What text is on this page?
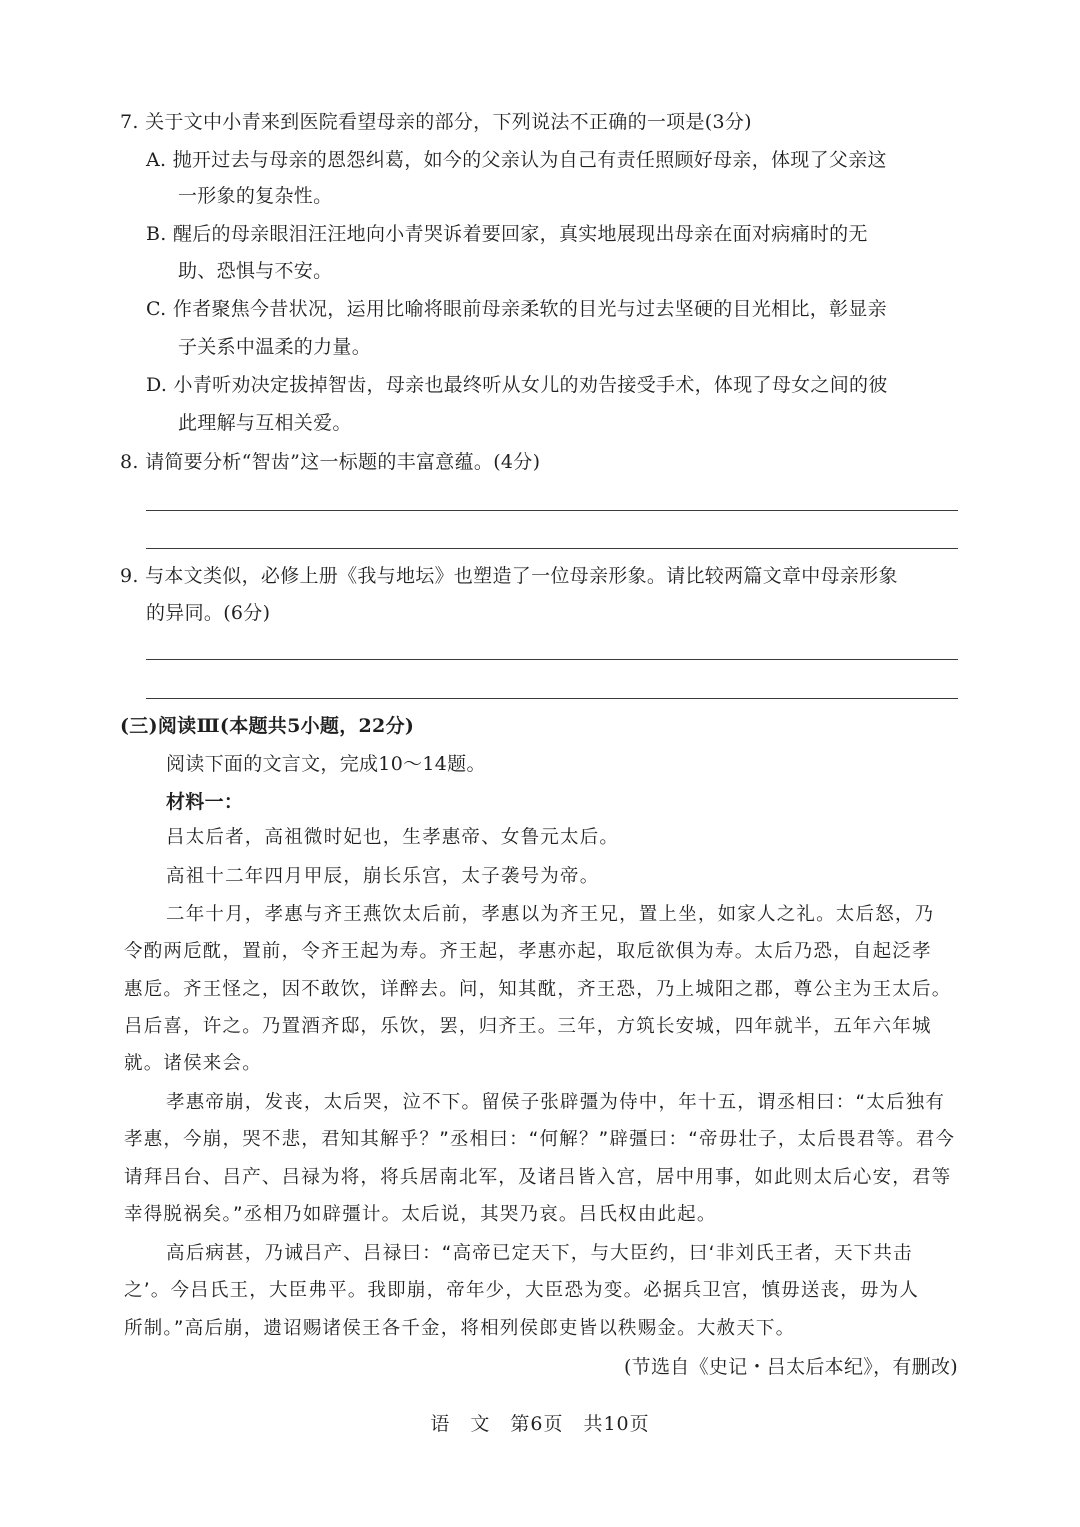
7. 关于文中小青来到医院看望母亲的部分，下列说法不正确的一项是(3分)
A. 抛开过去与母亲的恩怨纠葛，如今的父亲认为自己有责任照顾好母亲，体现了父亲这
一形象的复杂性。
B. 醒后的母亲眼泪汪汪地向小青哭诉着要回家，真实地展现出母亲在面对病痛时的无
助、恐惧与不安。
C. 作者聚焦今昔状况，运用比喻将眼前母亲柔软的目光与过去坚硬的目光相比，彰显亲
子关系中温柔的力量。
D. 小青听劝决定拔掉智齿，母亲也最终听从女儿的劝告接受手术，体现了母女之间的彼
此理解与互相关爱。
8. 请简要分析“智齿”这一标题的丰富意蕴。(4分)
9. 与本文类似，必修上册《我与地坛》也塑造了一位母亲形象。请比较两篇文章中母亲形象
的异同。(6分)
(三)阅读Ⅲ(本题共5小题，22分)
阅读下面的文言文，完成10～14题。
材料一：
吕太后者，高祖微时妃也，生孝惠帝、女鲁元太后。
高祖十二年四月甲辰，崩长乐宫，太子袭号为帝。
二年十月，孝惠与齐王燕饮太后前，孝惠以为齐王兄，置上坐，如家人之礼。太后怒，乃
令酌两卮酖，置前，令齐王起为寿。齐王起，孝惠亦起，取卮欲俱为寿。太后乃恐，自起泛孝
惠卮。齐王怪之，因不敢饮，详醉去。问，知其酖，齐王恐，乃上城阳之郡，尊公主为王太后。
吕后喜，许之。乃置酒齐邸，乐饮，罢，归齐王。三年，方筑长安城，四年就半，五年六年城
就。诸侯来会。
孝惠帝崩，发丧，太后哭，泣不下。留侯子张辟彊为侍中，年十五，谓丞相曰：“太后独有
孝惠，今崩，哭不悲，君知其解乎？”丞相曰：“何解？”辟彊曰：“帝毋壮子，太后畏君等。君今
请拜吕台、吕产、吕禄为将，将兵居南北军，及诸吕皆入宫，居中用事，如此则太后心安，君等
幸得脱祸矣。”丞相乃如辟彊计。太后说，其哭乃哀。吕氏权由此起。
高后病甚，乃诫吕产、吕禄曰：“高帝已定天下，与大臣约，曰‘非刘氏王者，天下共击
之’。今吕氏王，大臣弗平。我即崩，帝年少，大臣恐为变。必据兵卫宫，慎毋送丧，毋为人
所制。”高后崩，遗诏赐诸侯王各千金，将相列侯郎吏皆以秩赐金。大赦天下。
(节选自《史记・吕太后本纪》，有删改)
语　文　第6页　共10页
